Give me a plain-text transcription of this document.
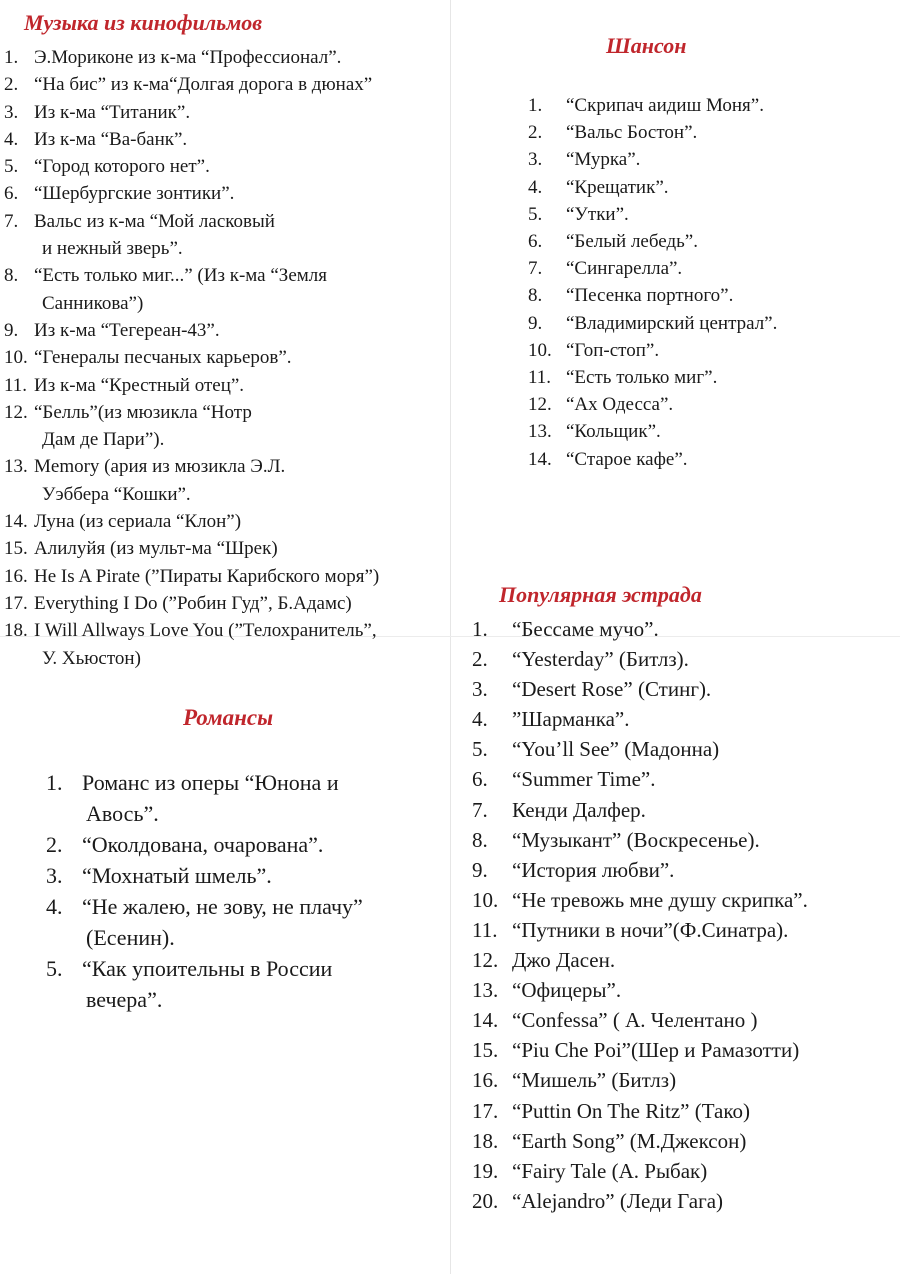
Музыка из кинофильмов
1. Э.Мориконе из к-ма “Профессионал”.
2. “На бис” из к-ма“Долгая дорога в дюнах”
3. Из к-ма “Титаник”.
4. Из к-ма “Ва-банк”.
5. “Город которого нет”.
6. “Шербургские зонтики”.
7. Вальс из к-ма “Мой ласковый
и нежный зверь”.
8. “Есть только миг...” (Из к-ма “Земля
Санникова”)
9. Из к-ма “Тегереан-43”.
10. “Генералы песчаных карьеров”.
11. Из к-ма “Крестный отец”.
12. “Белль”(из мюзикла “Нотр
Дам де Пари”).
13. Memory (ария из мюзикла Э.Л.
Уэббера “Кошки”.
14. Луна (из сериала “Клон”)
15. Алилуйя (из мульт-ма “Шрек)
16. He Is A Pirate (”Пираты Карибского моря”)
17. Everything I Do (”Робин Гуд”, Б.Адамс)
18. I Will Allways Love You (”Телохранитель”,
У. Хьюстон)
Шансон
1.	“Скрипач аидиш Моня”.
2.	“Вальс Бостон”.
3.	“Мурка”.
4.	“Крещатик”.
5.	“Утки”.
6.	“Белый лебедь”.
7.	“Сингарелла”.
8.	“Песенка портного”.
9.	“Владимирский централ”.
10. “Гоп-стоп”.
11. “Есть только миг”.
12. “Ах Одесса”.
13. “Кольщик”.
14. “Старое кафе”.
Романсы
1. Романс из оперы “Юнона и
Авось”.
2. “Околдована, очарована”.
3. “Мохнатый шмель”.
4. “Не жалею, не зову, не плачу”
(Есенин).
5. “Как упоительны в России
вечера”.
Популярная эстрада
1.	“Бессаме мучо”.
2.	“Yesterday” (Битлз).
3.	“Desert Rose” (Стинг).
4.	”Шарманка”.
5.	“You’ll See” (Мадонна)
6.	“Summer Time”.
7.	Кенди Далфер.
8.	“Музыкант” (Воскресенье).
9.	“История любви”.
10. “Не тревожь мне душу скрипка”.
11. “Путники в ночи”(Ф.Синатра).
12. Джо Дасен.
13. “Офицеры”.
14. “Confessa” ( А. Челентано )
15. “Piu Che Poi”(Шер и Рамазотти)
16. “Мишель” (Битлз)
17. “Puttin On The Ritz” (Тако)
18. “Earth Song” (М.Джексон)
19. “Fairy Tale (А. Рыбак)
20. “Alejandro” (Леди Гага)
